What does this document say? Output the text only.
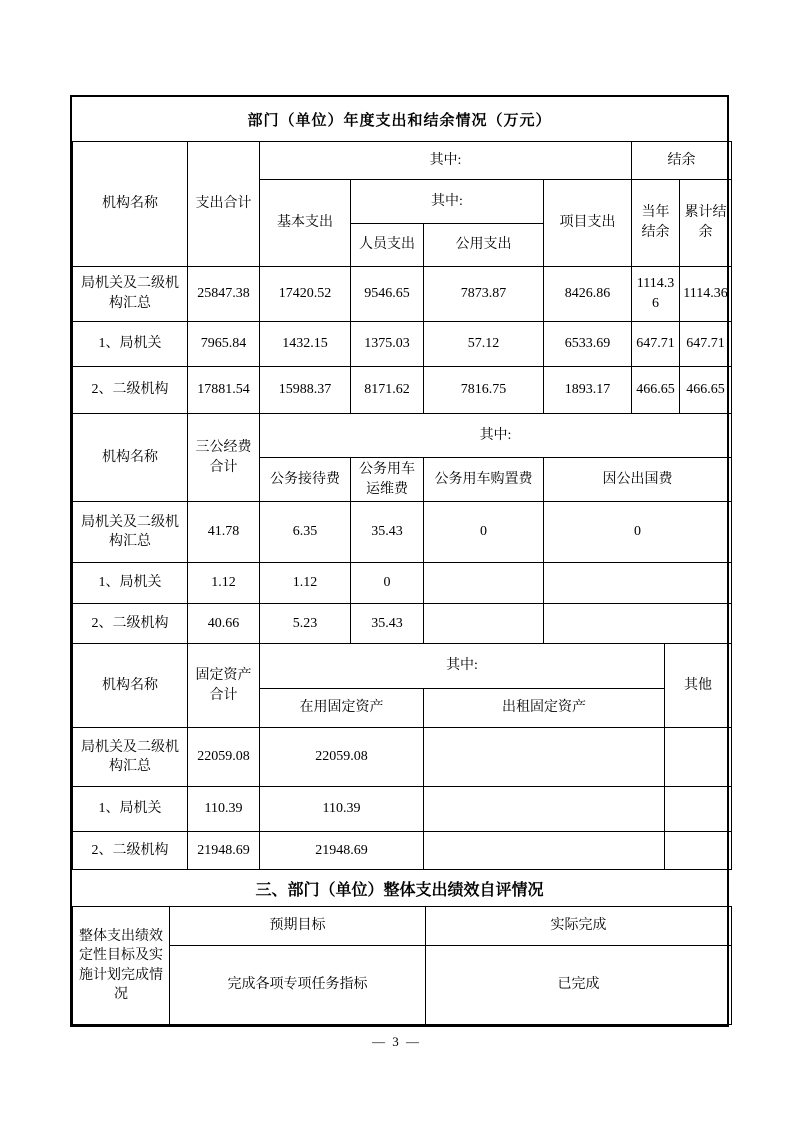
部门（单位）年度支出和结余情况（万元）
机构名称	支出合计	其中:				结余	
		基本支出	其中:		项目支出	当年结余	累计结余
			人员支出	公用支出			
局机关及二级机构汇总	25847.38	17420.52	9546.65	7873.87	8426.86	1114.36	1114.36
1、局机关	7965.84	1432.15	1375.03	57.12	6533.69	647.71	647.71
2、二级机构	17881.54	15988.37	8171.62	7816.75	1893.17	466.65	466.65
机构名称	三公经费合计	其中:			
		公务接待费	公务用车运维费	公务用车购置费	因公出国费
局机关及二级机构汇总	41.78	6.35	35.43	0	0
1、局机关	1.12	1.12	0		
2、二级机构	40.66	5.23	35.43		
机构名称	固定资产合计	其中:		其他
		在用固定资产	出租固定资产	
局机关及二级机构汇总	22059.08	22059.08		
1、局机关	110.39	110.39		
2、二级机构	21948.69	21948.69		
三、部门（单位）整体支出绩效自评情况
整体支出绩效定性目标及实施计划完成情况	预期目标	实际完成
	完成各项专项任务指标	已完成
— 3 —
